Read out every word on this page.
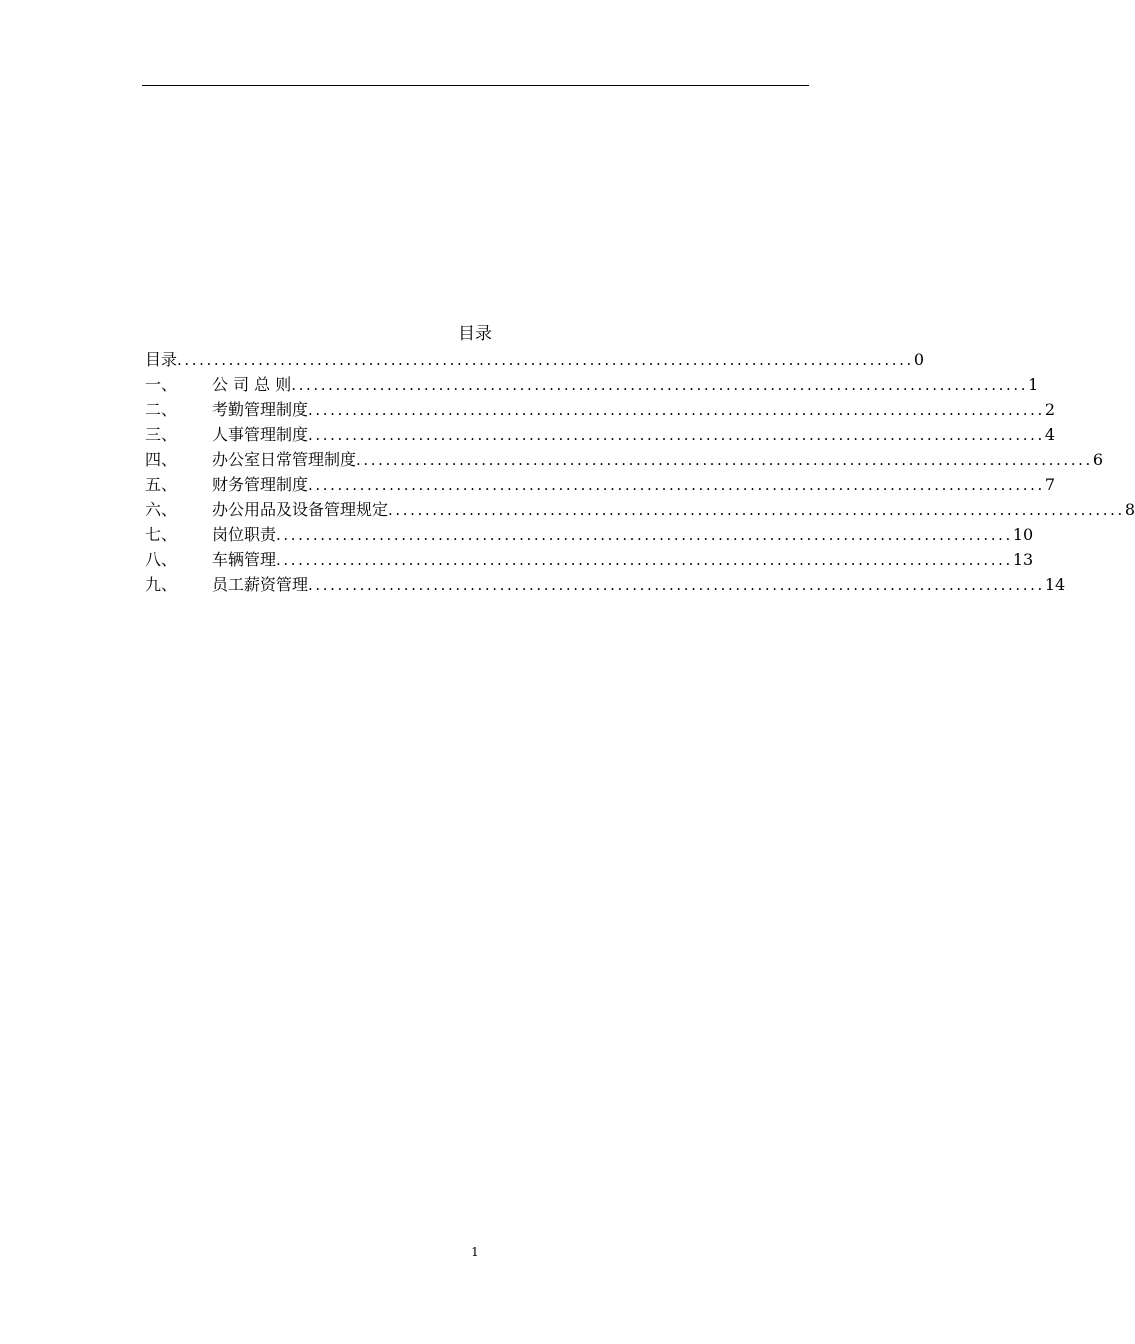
目录
目录 .................................................................................................... 0
一、	公 司 总 则 .................................................................................................... 1
二、	考勤管理制度 .................................................................................................... 2
三、	人事管理制度 .................................................................................................... 4
四、	办公室日常管理制度 .................................................................................................... 6
五、	财务管理制度 .................................................................................................... 7
六、	办公用品及设备管理规定 .................................................................................................... 8
七、	岗位职责 .................................................................................................... 10
八、	车辆管理 .................................................................................................... 13
九、	员工薪资管理 .................................................................................................... 14
1
